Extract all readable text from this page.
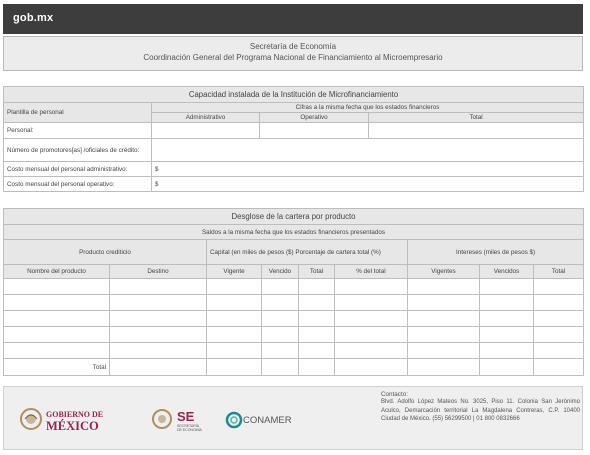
gob.mx
Secretaría de Economía
Coordinación General del Programa Nacional de Financiamiento al Microempresario
Capacidad instalada de la Institución de Microfinanciamiento			
Plantilla de personal	Cifras a la misma fecha que los estados financieros		
	Administrativo	Operativo	Total
Personal:			
Número de promotores[as] /oficiales de crédito:			
Costo mensual del personal administrativo:	$		
Costo mensual del personal operativo:	$		
Desglose de la cartera por producto								
Saldos a la misma fecha que los estados financieros presentados								
Producto crediticio		Capital (en miles de pesos ($) Porcentaje de cartera total (%)				Intereses (miles de pesos $)		
Nombre del producto	Destino	Vigente	Vencido	Total	% del total	Vigentes	Vencidos	Total

Total								
GOBIERNO DE
MÉXICO
SE
SECRETARÍA
DE ECONOMÍA
CONAMER
Contacto:
Blvd. Adolfo López Mateos No. 3025, Piso 11. Colonia San Jerónimo Aculco, Demarcación territorial La Magdalena Contreras, C.P. 10400 Ciudad de México. (55) 56299500 | 01 800 0832666
